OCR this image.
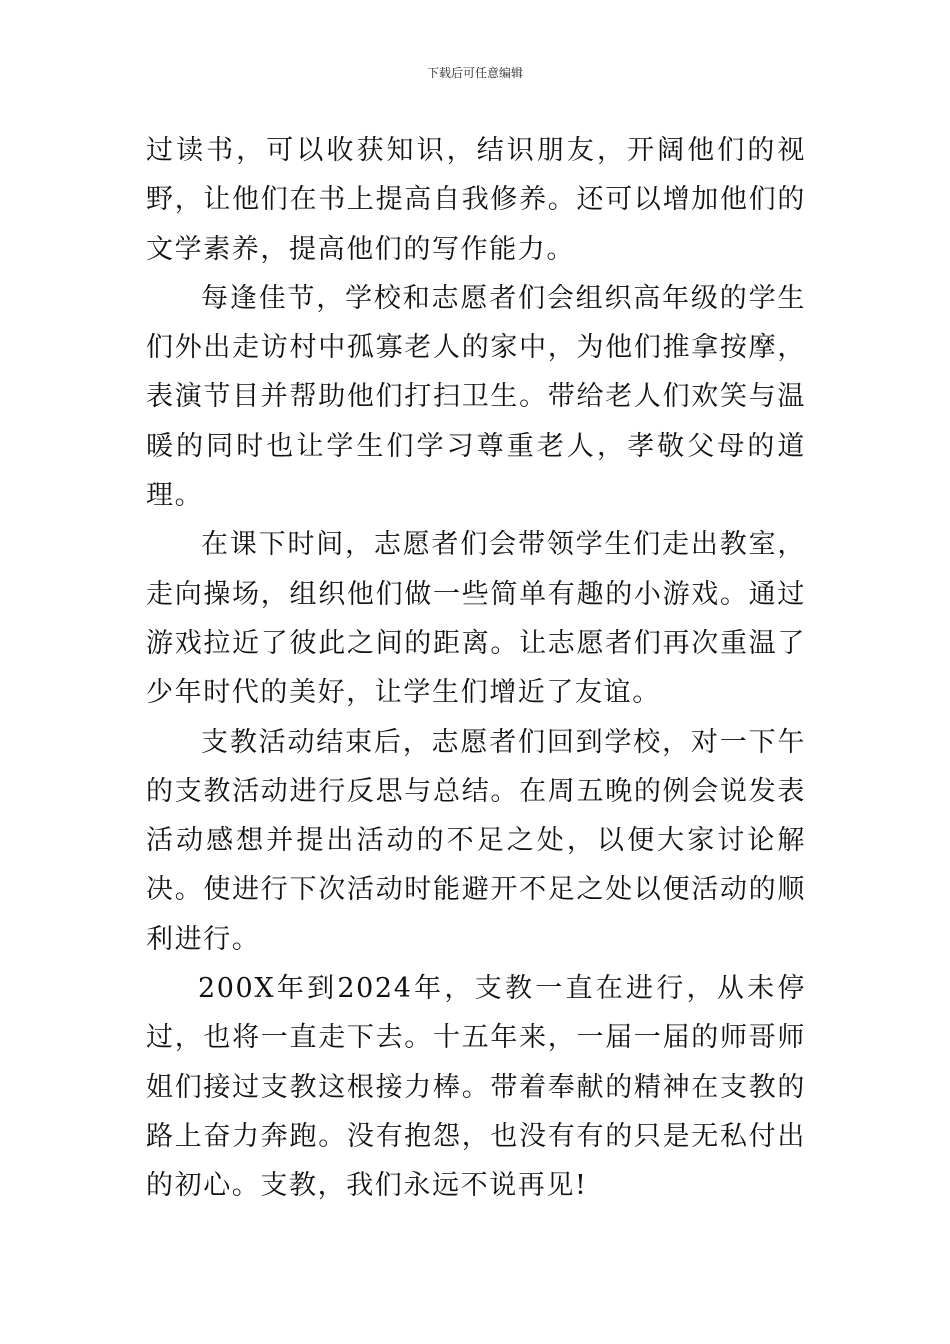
下载后可任意编辑

过读书，可以收获知识，结识朋友，开阔他们的视野，让他们在书上提高自我修养。还可以增加他们的文学素养，提高他们的写作能力。

每逢佳节，学校和志愿者们会组织高年级的学生们外出走访村中孤寡老人的家中，为他们推拿按摩，表演节目并帮助他们打扫卫生。带给老人们欢笑与温暖的同时也让学生们学习尊重老人，孝敬父母的道理。

在课下时间，志愿者们会带领学生们走出教室，走向操场，组织他们做一些简单有趣的小游戏。通过游戏拉近了彼此之间的距离。让志愿者们再次重温了少年时代的美好，让学生们增近了友谊。

支教活动结束后，志愿者们回到学校，对一下午的支教活动进行反思与总结。在周五晚的例会说发表活动感想并提出活动的不足之处，以便大家讨论解决。使进行下次活动时能避开不足之处以便活动的顺利进行。

200X年到2024年，支教一直在进行，从未停过，也将一直走下去。十五年来，一届一届的师哥师姐们接过支教这根接力棒。带着奉献的精神在支教的路上奋力奔跑。没有抱怨，也没有有的只是无私付出的初心。支教，我们永远不说再见!
